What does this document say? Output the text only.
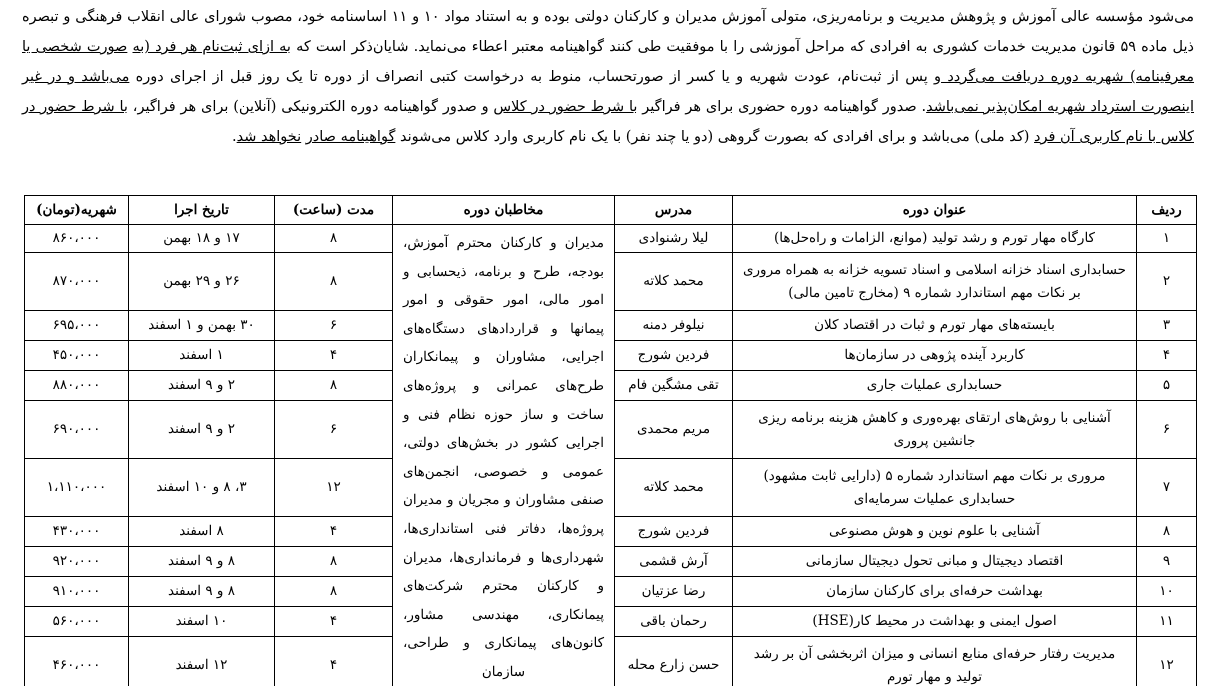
می‌شود مؤسسه عالی آموزش و پژوهش مدیریت و برنامه‌ریزی، متولی آموزش مدیران و کارکنان دولتی بوده و به استناد مواد ۱۰ و ۱۱ اساسنامه خود، مصوب شورای عالی انقلاب فرهنگی و تبصره ذیل ماده ۵۹ قانون مدیریت خدمات کشوری به افرادی که مراحل آموزشی را با موفقیت طی کنند گواهینامه معتبر اعطاء می‌نماید. شایان‌ذکر است که به ازای ثبت‌نام هر فرد (به صورت شخصی یا معرفینامه) شهریه دوره دریافت می‌گردد و پس از ثبت‌نام، عودت شهریه و یا کسر از صورتحساب، منوط به درخواست کتبی انصراف از دوره تا یک روز قبل از اجرای دوره می‌باشد و در غیر اینصورت استرداد شهریه امکان‌پذیر نمی‌باشد. صدور گواهینامه دوره حضوری برای هر فراگیر با شرط حضور در کلاس و صدور گواهینامه دوره الکترونیکی (آنلاین) برای هر فراگیر، با شرط حضور در کلاس با نام کاربری آن فرد (کد ملی) می‌باشد و برای افرادی که بصورت گروهی (دو یا چند نفر) با یک نام کاربری وارد کلاس می‌شوند گواهینامه صادر نخواهد شد.
ردیف	عنوان دوره	مدرس	مخاطبان دوره	مدت (ساعت)	تاریخ اجرا	شهریه(تومان)
۱	کارگاه مهار تورم و رشد تولید (موانع، الزامات و راه‌حل‌ها)	لیلا رشنوادی	مدیران و کارکنان محترم آموزش، بودجه، طرح و برنامه، ذیحسابی و امور مالی، امور حقوقی و امور پیمانها و قراردادهای دستگاه‌های اجرایی، مشاوران و پیمانکاران طرح‌های عمرانی و پروژه‌های ساخت و ساز حوزه نظام فنی و اجرایی کشور در بخش‌های دولتی، عمومی و خصوصی، انجمن‌های صنفی مشاوران و مجریان و مدیران پروژه‌ها، دفاتر فنی استانداری‌ها، شهرداری‌ها و فرمانداری‌ها، مدیران و کارکنان محترم شرکت‌های پیمانکاری، مهندسی مشاور، کانون‌های پیمانکاری و طراحی، سازمان	۸	۱۷ و ۱۸ بهمن	۸۶۰،۰۰۰
۲	حسابداری اسناد خزانه اسلامی و اسناد تسویه خزانه به همراه مروری بر نکات مهم استاندارد شماره ۹ (مخارج تامین مالی)	محمد کلاته		۸	۲۶ و ۲۹ بهمن	۸۷۰،۰۰۰
۳	بایسته‌های مهار تورم و ثبات در اقتصاد کلان	نیلوفر دمنه		۶	۳۰ بهمن و ۱ اسفند	۶۹۵،۰۰۰
۴	کاربرد آینده پژوهی در سازمان‌ها	فردین شورج		۴	۱ اسفند	۴۵۰،۰۰۰
۵	حسابداری عملیات جاری	تقی مشگین فام		۸	۲ و ۹ اسفند	۸۸۰،۰۰۰
۶	آشنایی با روش‌های ارتقای بهره‌وری و کاهش هزینه برنامه ریزی جانشین پروری	مریم محمدی		۶	۲ و ۹ اسفند	۶۹۰،۰۰۰
۷	مروری بر نکات مهم استاندارد شماره ۵ (دارایی ثابت مشهود) حسابداری عملیات سرمایه‌ای	محمد کلاته		۱۲	۳، ۸ و ۱۰ اسفند	۱،۱۱۰،۰۰۰
۸	آشنایی با علوم نوین و هوش مصنوعی	فردین شورج		۴	۸ اسفند	۴۳۰،۰۰۰
۹	اقتصاد دیجیتال و مبانی تحول دیجیتال سازمانی	آرش قشمی		۸	۸ و ۹ اسفند	۹۲۰،۰۰۰
۱۰	بهداشت حرفه‌ای برای کارکنان سازمان	رضا عزتیان		۸	۸ و ۹ اسفند	۹۱۰،۰۰۰
۱۱	اصول ایمنی و بهداشت در محیط کار(HSE)	رحمان باقی		۴	۱۰ اسفند	۵۶۰،۰۰۰
۱۲	مدیریت رفتار حرفه‌ای منابع انسانی و میزان اثربخشی آن بر رشد تولید و مهار تورم	حسن زارع محله		۴	۱۲ اسفند	۴۶۰،۰۰۰
